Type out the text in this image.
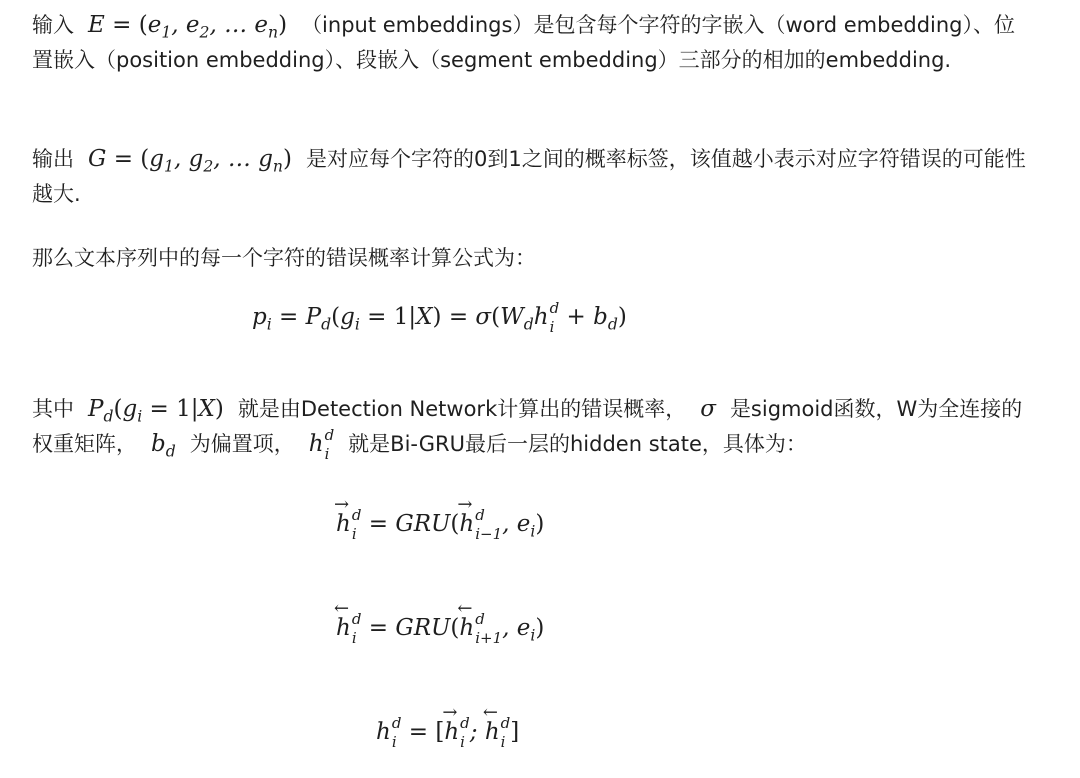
输入  $E = (e_1$, $e_2$, … $e_n$) （input embeddings）是包含每个字符的字嵌入（word embedding）、位置嵌入（position embedding）、段嵌入（segment embedding）三部分的相加的embedding.

输出  $G = (g_1$, $g_2$, … $g_n$) 是对应每个字符的0到1之间的概率标签，该值越小表示对应字符错误的可能性越大.

那么文本序列中的每一个字符的错误概率计算公式为：

$p_i = P_d(g_i = 1|X) = \sigma(W_dh$ d
$i + b_d$)

其中  $P_d(g_i = 1|X)$ 就是由Detection Network计算出的错误概率，  σ  是sigmoid函数，W为全连接的权重矩阵，  $b_d$ 为偏置项，  h d
i 就是Bi-GRU最后一层的hidden state，具体为：

h d
i
→
= GRU(h d
i−1
→
, $e_i$)
h d
i
←
= GRU(h d
i+1
←
, $e_i$)
h d
i = [h d
i
→
; h d
i
←
]
